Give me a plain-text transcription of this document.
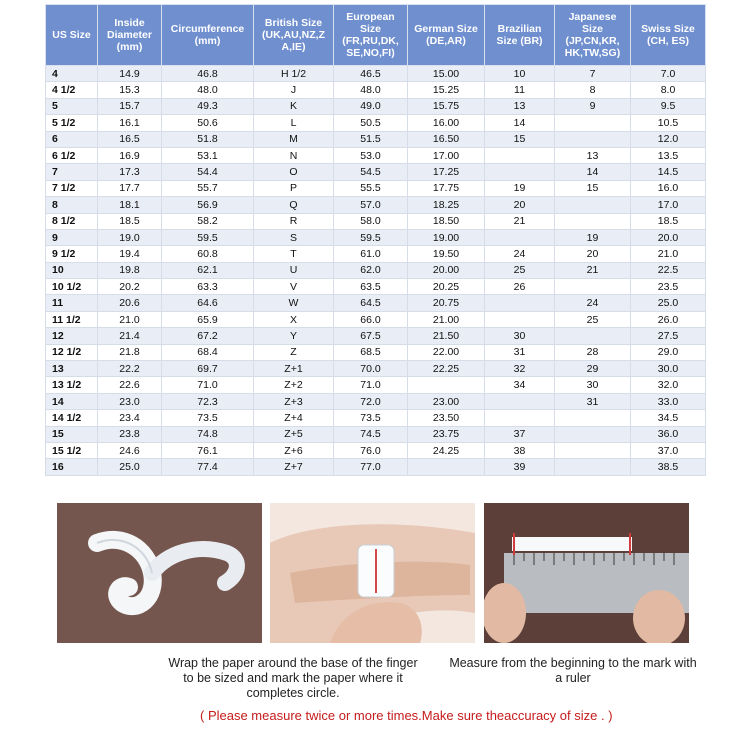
US Size	Inside Diameter (mm)	Circumference (mm)	British Size (UK,AU,NZ,Z A,IE)	European Size (FR,RU,DK, SE,NO,FI)	German Size (DE,AR)	Brazilian Size (BR)	Japanese Size (JP,CN,KR, HK,TW,SG)	Swiss Size (CH, ES)
4	14.9	46.8	H 1/2	46.5	15.00	10	7	7.0
4 1/2	15.3	48.0	J	48.0	15.25	11	8	8.0
5	15.7	49.3	K	49.0	15.75	13	9	9.5
5 1/2	16.1	50.6	L	50.5	16.00	14		10.5
6	16.5	51.8	M	51.5	16.50	15		12.0
6 1/2	16.9	53.1	N	53.0	17.00		13	13.5
7	17.3	54.4	O	54.5	17.25		14	14.5
7 1/2	17.7	55.7	P	55.5	17.75	19	15	16.0
8	18.1	56.9	Q	57.0	18.25	20		17.0
8 1/2	18.5	58.2	R	58.0	18.50	21		18.5
9	19.0	59.5	S	59.5	19.00		19	20.0
9 1/2	19.4	60.8	T	61.0	19.50	24	20	21.0
10	19.8	62.1	U	62.0	20.00	25	21	22.5
10 1/2	20.2	63.3	V	63.5	20.25	26		23.5
11	20.6	64.6	W	64.5	20.75		24	25.0
11 1/2	21.0	65.9	X	66.0	21.00		25	26.0
12	21.4	67.2	Y	67.5	21.50	30		27.5
12 1/2	21.8	68.4	Z	68.5	22.00	31	28	29.0
13	22.2	69.7	Z+1	70.0	22.25	32	29	30.0
13 1/2	22.6	71.0	Z+2	71.0		34	30	32.0
14	23.0	72.3	Z+3	72.0	23.00		31	33.0
14 1/2	23.4	73.5	Z+4	73.5	23.50			34.5
15	23.8	74.8	Z+5	74.5	23.75	37		36.0
15 1/2	24.6	76.1	Z+6	76.0	24.25	38		37.0
16	25.0	77.4	Z+7	77.0		39		38.5
Wrap the paper around the base of the finger to be sized and mark the paper where it completes circle.
Measure from the beginning to the mark with a ruler
( Please measure twice or more times.Make sure theaccuracy of size . )
